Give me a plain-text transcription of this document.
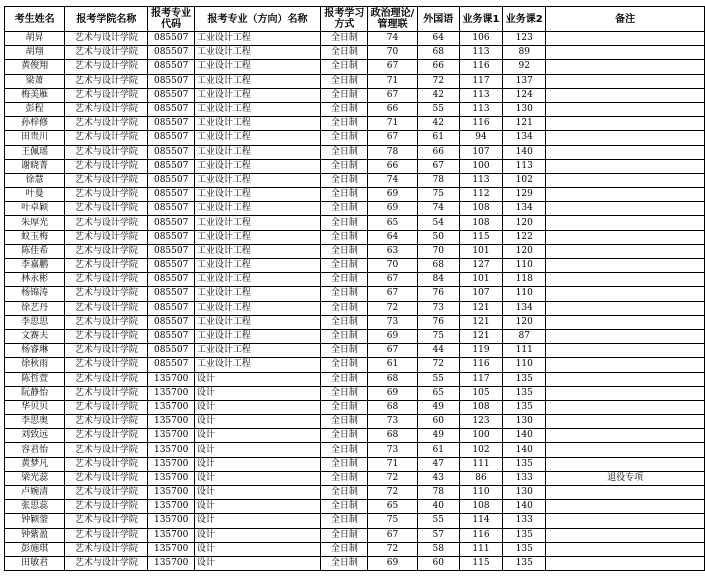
考生姓名	报考学院名称	报考专业代码	报考专业（方向）名称	报考学习方式	政治理论/管理联	外国语	业务课1	业务课2	备注
胡昇	艺术与设计学院	085507	工业设计工程	全日制	74	64	106	123	
胡翔	艺术与设计学院	085507	工业设计工程	全日制	70	68	113	89	
黄俊翔	艺术与设计学院	085507	工业设计工程	全日制	67	66	116	92	
梁萧	艺术与设计学院	085507	工业设计工程	全日制	71	72	117	137	
梅美雁	艺术与设计学院	085507	工业设计工程	全日制	67	42	113	124	
彭程	艺术与设计学院	085507	工业设计工程	全日制	66	55	113	130	
孙梓修	艺术与设计学院	085507	工业设计工程	全日制	71	42	116	121	
田贵川	艺术与设计学院	085507	工业设计工程	全日制	67	61	94	134	
王佩瑶	艺术与设计学院	085507	工业设计工程	全日制	78	66	107	140	
谢晓菁	艺术与设计学院	085507	工业设计工程	全日制	66	67	100	113	
徐慧	艺术与设计学院	085507	工业设计工程	全日制	74	78	113	102	
叶曼	艺术与设计学院	085507	工业设计工程	全日制	69	75	112	129	
叶卓颖	艺术与设计学院	085507	工业设计工程	全日制	69	74	108	134	
朱厚光	艺术与设计学院	085507	工业设计工程	全日制	65	54	108	120	
蚁玉梅	艺术与设计学院	085507	工业设计工程	全日制	64	50	115	122	
陈佳希	艺术与设计学院	085507	工业设计工程	全日制	63	70	101	120	
李嘉鹏	艺术与设计学院	085507	工业设计工程	全日制	70	68	127	110	
林永彬	艺术与设计学院	085507	工业设计工程	全日制	67	84	101	118	
杨锦涛	艺术与设计学院	085507	工业设计工程	全日制	67	76	107	110	
徐艺丹	艺术与设计学院	085507	工业设计工程	全日制	72	73	121	134	
李思思	艺术与设计学院	085507	工业设计工程	全日制	73	76	121	120	
文赛夫	艺术与设计学院	085507	工业设计工程	全日制	69	75	121	87	
杨睿琳	艺术与设计学院	085507	工业设计工程	全日制	67	44	119	111	
徐秋雨	艺术与设计学院	085507	工业设计工程	全日制	61	72	116	110	
陈哲萱	艺术与设计学院	135700	设计	全日制	68	55	117	135	
阮静怡	艺术与设计学院	135700	设计	全日制	69	65	105	135	
华贝贝	艺术与设计学院	135700	设计	全日制	68	49	108	135	
李思奥	艺术与设计学院	135700	设计	全日制	73	60	123	130	
刘致远	艺术与设计学院	135700	设计	全日制	68	49	100	140	
容君怡	艺术与设计学院	135700	设计	全日制	73	61	102	140	
黄梦凡	艺术与设计学院	135700	设计	全日制	71	47	111	135	
梁光蕊	艺术与设计学院	135700	设计	全日制	72	43	86	133	退役专项
卢婉清	艺术与设计学院	135700	设计	全日制	72	78	110	130	
张思蕊	艺术与设计学院	135700	设计	全日制	65	40	108	140	
钟颖蓥	艺术与设计学院	135700	设计	全日制	75	55	114	133	
钟紫盈	艺术与设计学院	135700	设计	全日制	67	57	116	135	
彭施琪	艺术与设计学院	135700	设计	全日制	72	58	111	135	
田敏君	艺术与设计学院	135700	设计	全日制	69	60	115	135	
